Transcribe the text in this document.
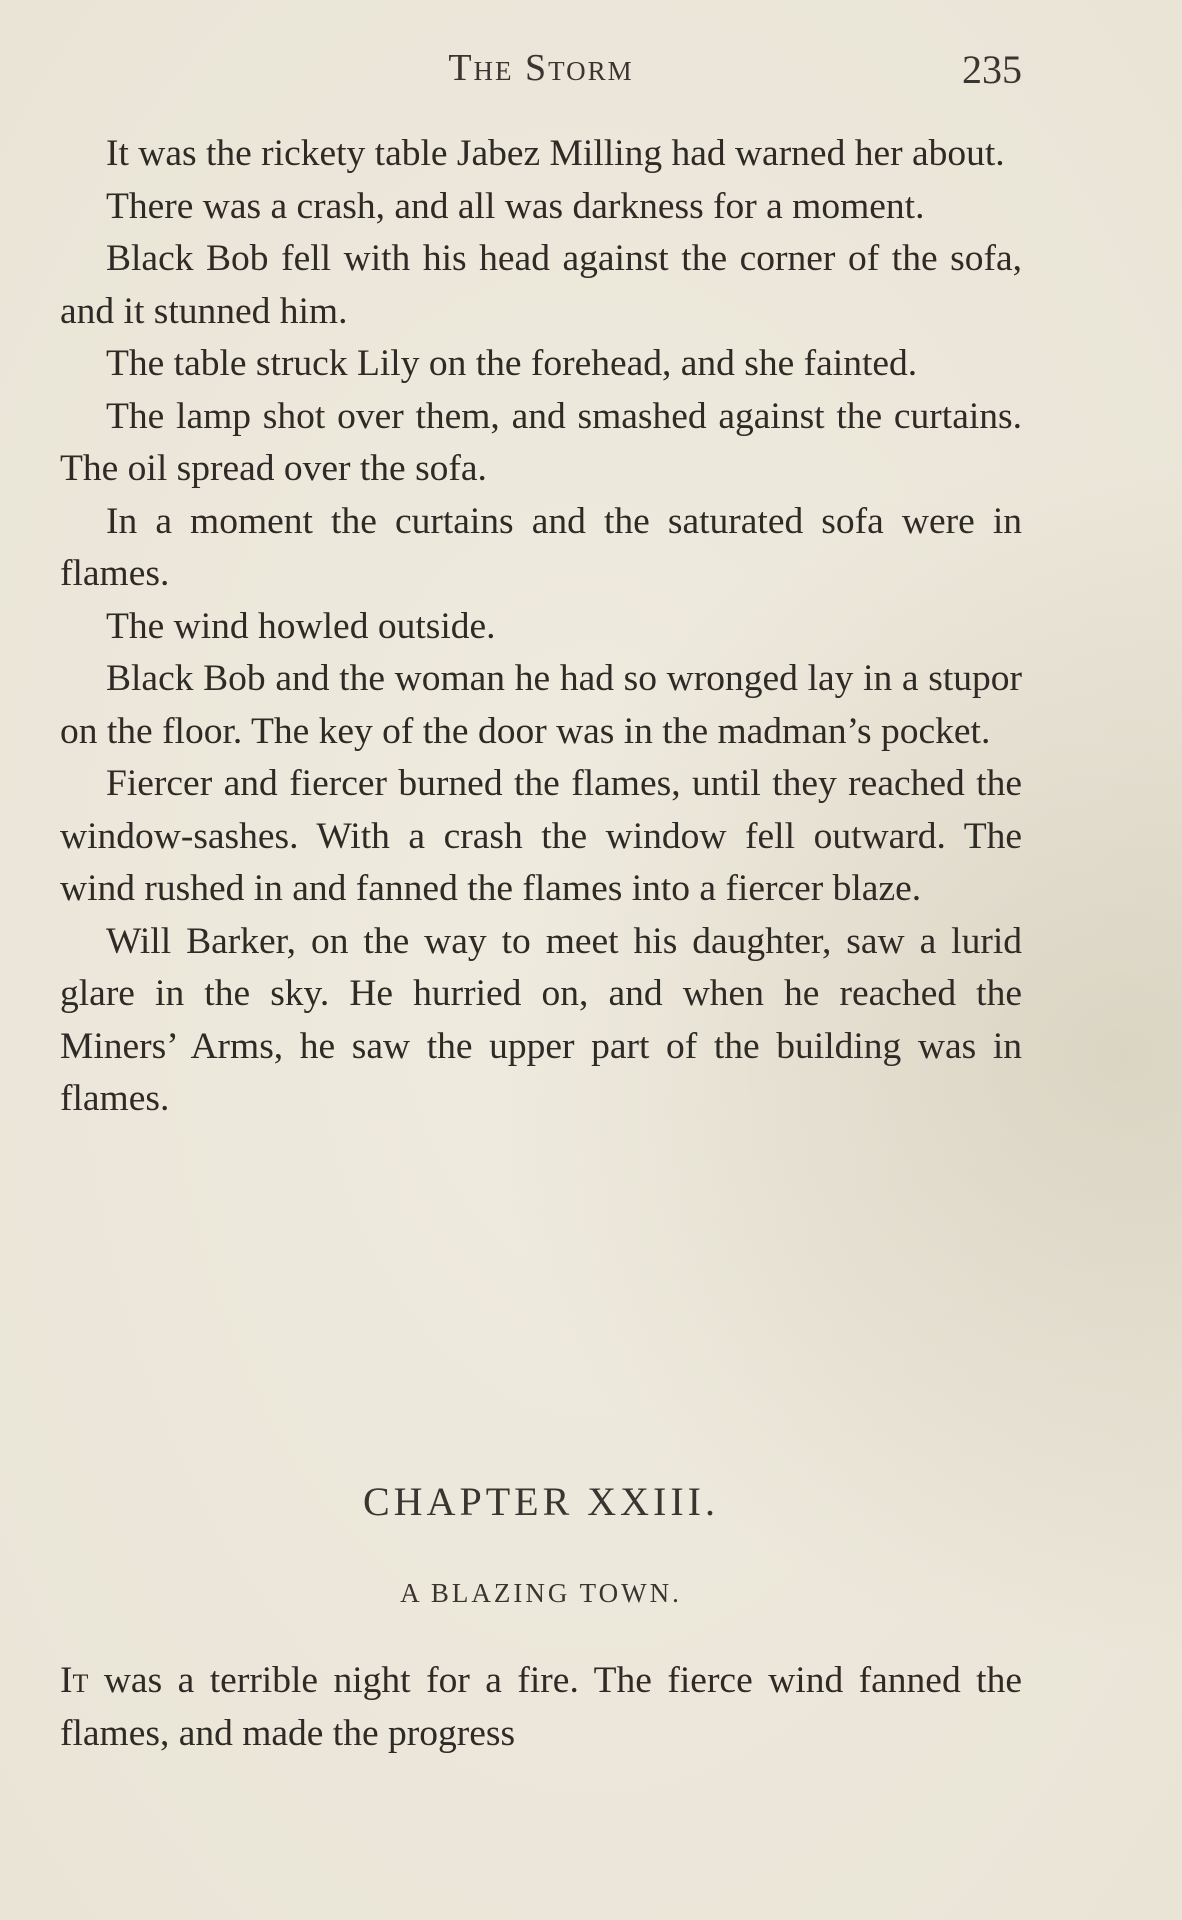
The Storm	235

It was the rickety table Jabez Milling had warned her about.

There was a crash, and all was darkness for a moment.

Black Bob fell with his head against the corner of the sofa, and it stunned him.

The table struck Lily on the forehead, and she fainted.

The lamp shot over them, and smashed against the curtains. The oil spread over the sofa.

In a moment the curtains and the saturated sofa were in flames.

The wind howled outside.

Black Bob and the woman he had so wronged lay in a stupor on the floor. The key of the door was in the madman’s pocket.

Fiercer and fiercer burned the flames, until they reached the window-sashes. With a crash the window fell outward. The wind rushed in and fanned the flames into a fiercer blaze.

Will Barker, on the way to meet his daughter, saw a lurid glare in the sky. He hurried on, and when he reached the Miners’ Arms, he saw the upper part of the building was in flames.

CHAPTER XXIII.
A BLAZING TOWN.

It was a terrible night for a fire. The fierce wind fanned the flames, and made the progress
